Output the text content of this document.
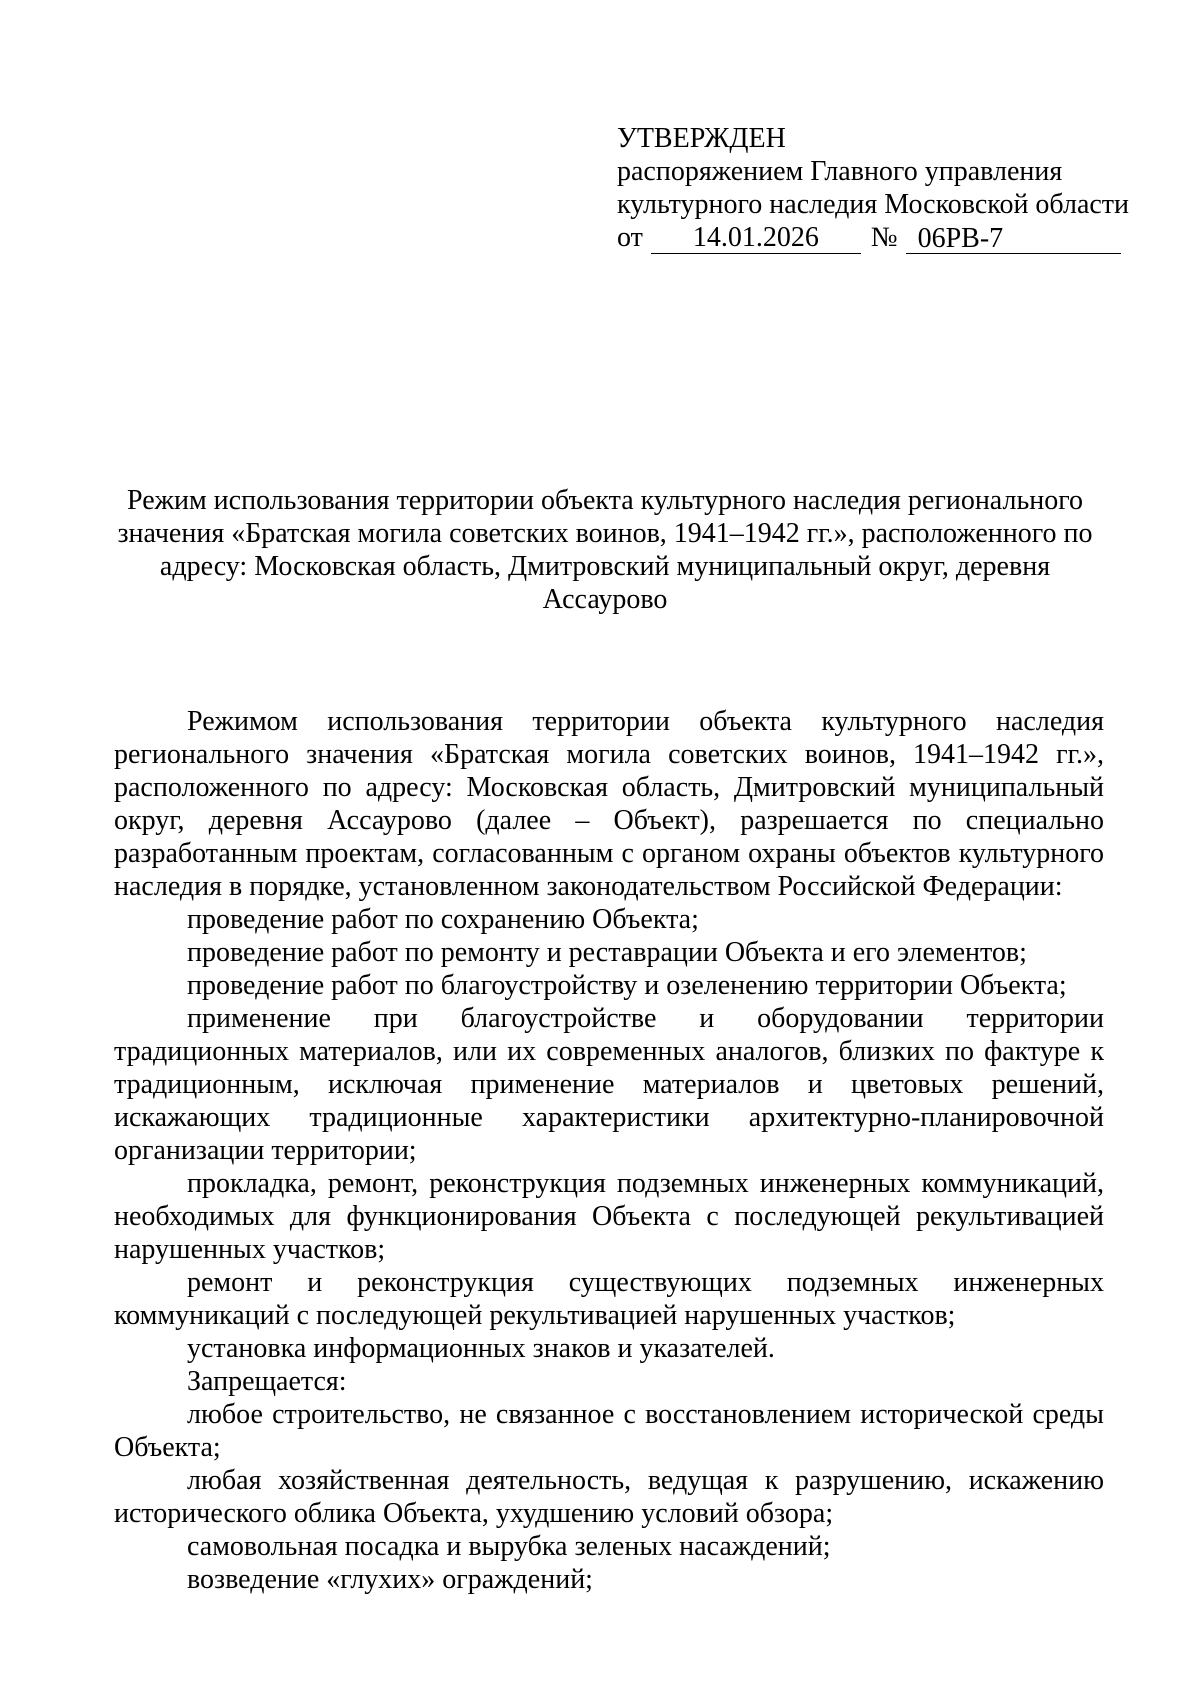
УТВЕРЖДЕН
распоряжением Главного управления
культурного наследия Московской области
от	14.01.2026	№ 06РВ-7
Режим использования территории объекта культурного наследия регионального значения «Братская могила советских воинов, 1941–1942 гг.», расположенного по адресу: Московская область, Дмитровский муниципальный округ, деревня Ассаурово

Режимом использования территории объекта культурного наследия регионального значения «Братская могила советских воинов, 1941–1942 гг.», расположенного по адресу: Московская область, Дмитровский муниципальный округ, деревня Ассаурово (далее – Объект), разрешается по специально разработанным проектам, согласованным с органом охраны объектов культурного наследия в порядке, установленном законодательством Российской Федерации:

проведение работ по сохранению Объекта;

проведение работ по ремонту и реставрации Объекта и его элементов;

проведение работ по благоустройству и озеленению территории Объекта;

применение при благоустройстве и оборудовании территории традиционных материалов, или их современных аналогов, близких по фактуре к традиционным, исключая применение материалов и цветовых решений, искажающих традиционные характеристики архитектурно-планировочной организации территории;

прокладка, ремонт, реконструкция подземных инженерных коммуникаций, необходимых для функционирования Объекта с последующей рекультивацией нарушенных участков;

ремонт и реконструкция существующих подземных инженерных коммуникаций с последующей рекультивацией нарушенных участков;

установка информационных знаков и указателей.

Запрещается:

любое строительство, не связанное с восстановлением исторической среды Объекта;

любая хозяйственная деятельность, ведущая к разрушению, искажению исторического облика Объекта, ухудшению условий обзора;

самовольная посадка и вырубка зеленых насаждений;

возведение «глухих» ограждений;
